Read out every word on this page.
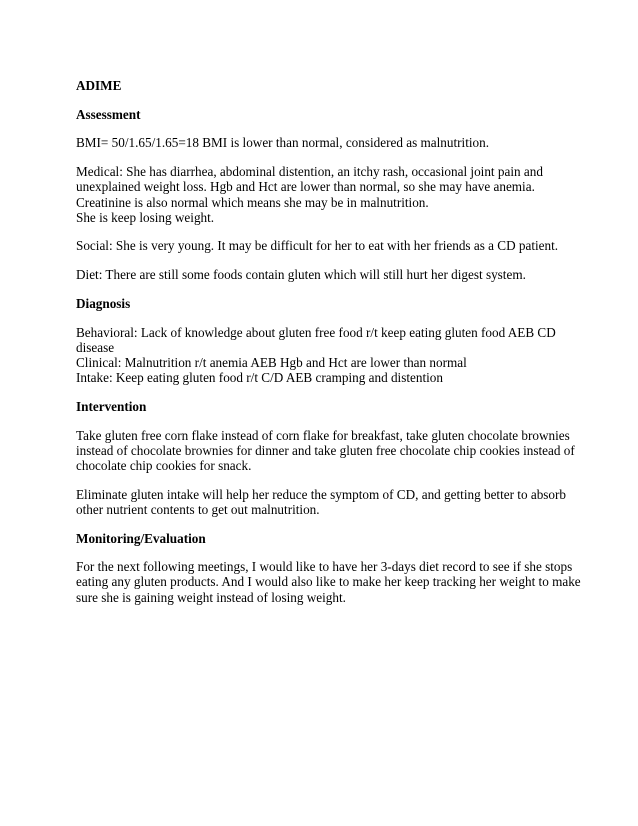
ADIME

Assessment

BMI= 50/1.65/1.65=18 BMI is lower than normal, considered as malnutrition.

Medical: She has diarrhea, abdominal distention, an itchy rash, occasional joint pain and
unexplained weight loss. Hgb and Hct are lower than normal, so she may have anemia.
Creatinine is also normal which means she may be in malnutrition.
She is keep losing weight.

Social: She is very young. It may be difficult for her to eat with her friends as a CD patient.

Diet: There are still some foods contain gluten which will still hurt her digest system.

Diagnosis

Behavioral: Lack of knowledge about gluten free food r/t keep eating gluten food AEB CD
disease
Clinical: Malnutrition r/t anemia AEB Hgb and Hct are lower than normal
Intake: Keep eating gluten food r/t C/D AEB cramping and distention

Intervention

Take gluten free corn flake instead of corn flake for breakfast, take gluten chocolate brownies
instead of chocolate brownies for dinner and take gluten free chocolate chip cookies instead of
chocolate chip cookies for snack.

Eliminate gluten intake will help her reduce the symptom of CD, and getting better to absorb
other nutrient contents to get out malnutrition.

Monitoring/Evaluation

For the next following meetings, I would like to have her 3-days diet record to see if she stops
eating any gluten products. And I would also like to make her keep tracking her weight to make
sure she is gaining weight instead of losing weight.
